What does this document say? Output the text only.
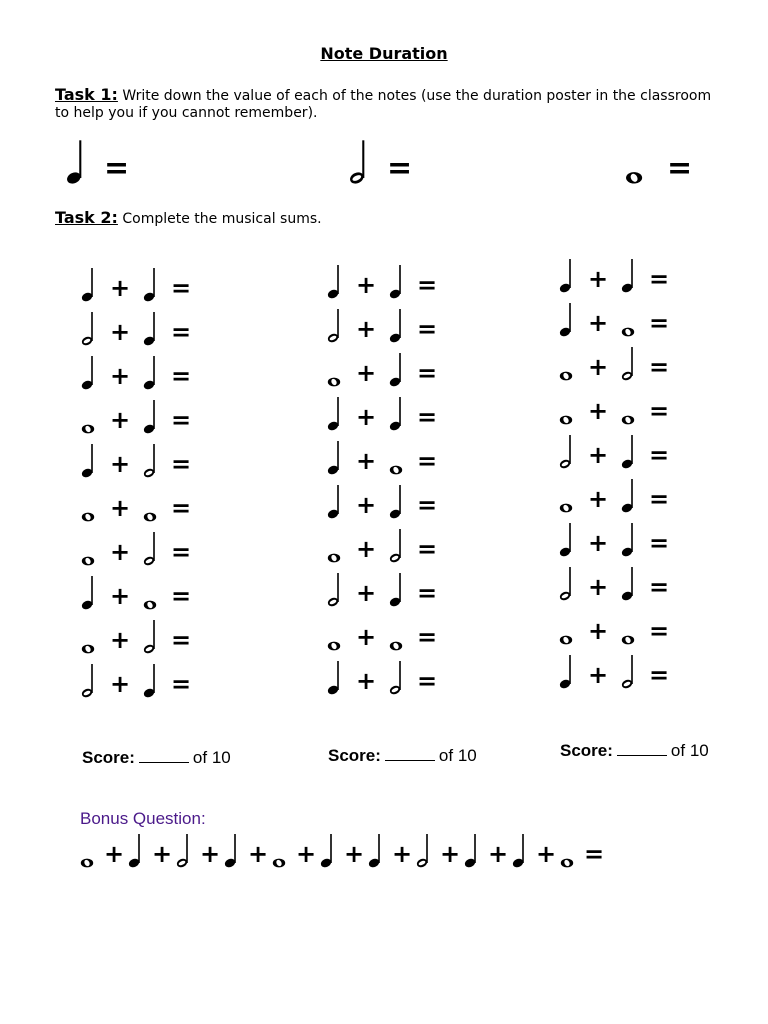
Note Duration
Task 1: Write down the value of each of the notes (use the duration poster in the classroom to help you if you cannot remember).
=	=	=
Task 2: Complete the musical sums.
+ =
+ =
+ =
+ =
+ =
+ =
+ =
+ =
+ =
+ =
+ =
+ =
+ =
+ =
+ =
+ =
+ =
+ =
+ =
+ =
+ =
+ =
+ =
+ =
+ =
+ =
+ =
+ =
+ =
+ =
Score:	of 10	Score:	of 10	Score:	of 10
Bonus Question:
+ + + + + + + + + + =
